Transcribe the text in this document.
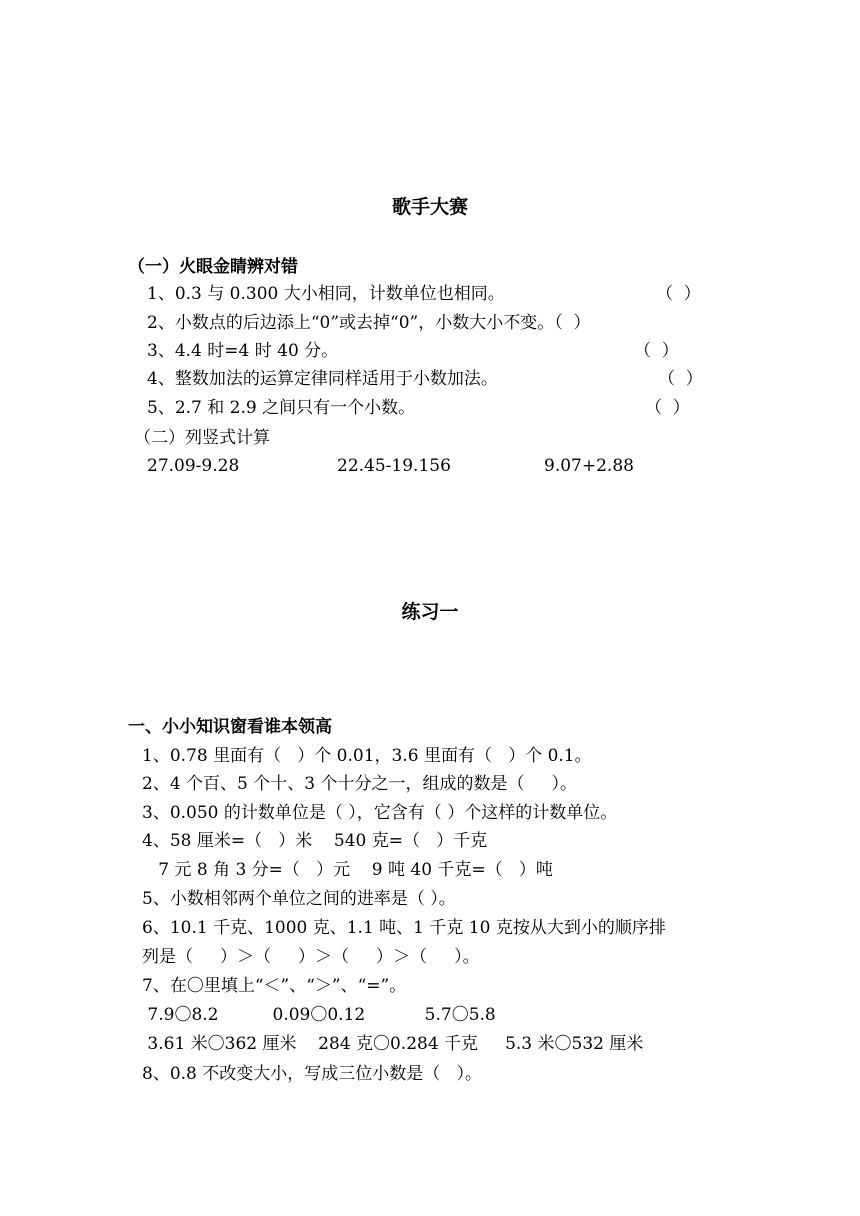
歌手大赛
（一）火眼金睛辨对错
1、0.3 与 0.300 大小相同，计数单位也相同。	（  ）
2、小数点的后边添上“0”或去掉“0”，小数大小不变。（  ）
3、4.4 时=4 时 40 分。	（  ）
4、整数加法的运算定律同样适用于小数加法。	（  ）
5、2.7 和 2.9 之间只有一个小数。	（  ）
（二）列竖式计算
27.09-9.28	22.45-19.156	9.07+2.88
练习一
一、小小知识窗看谁本领高
1、0.78 里面有（   ）个 0.01，3.6 里面有（   ）个 0.1。
2、4 个百、5 个十、3 个十分之一，组成的数是（     ）。
3、0.050 的计数单位是（ ），它含有（ ）个这样的计数单位。
4、58 厘米=（   ）米    540 克=（   ）千克
7 元 8 角 3 分=（   ）元    9 吨 40 千克=（   ）吨
5、小数相邻两个单位之间的进率是（ ）。
6、10.1 千克、1000 克、1.1 吨、1 千克 10 克按从大到小的顺序排
列是（     ）＞（     ）＞（     ）＞（     ）。
7、在〇里填上“＜”、“＞”、“=”。
7.9〇8.2          0.09〇0.12           5.7〇5.8
3.61 米〇362 厘米    284 克〇0.284 千克     5.3 米〇532 厘米
8、0.8 不改变大小，写成三位小数是（   ）。
